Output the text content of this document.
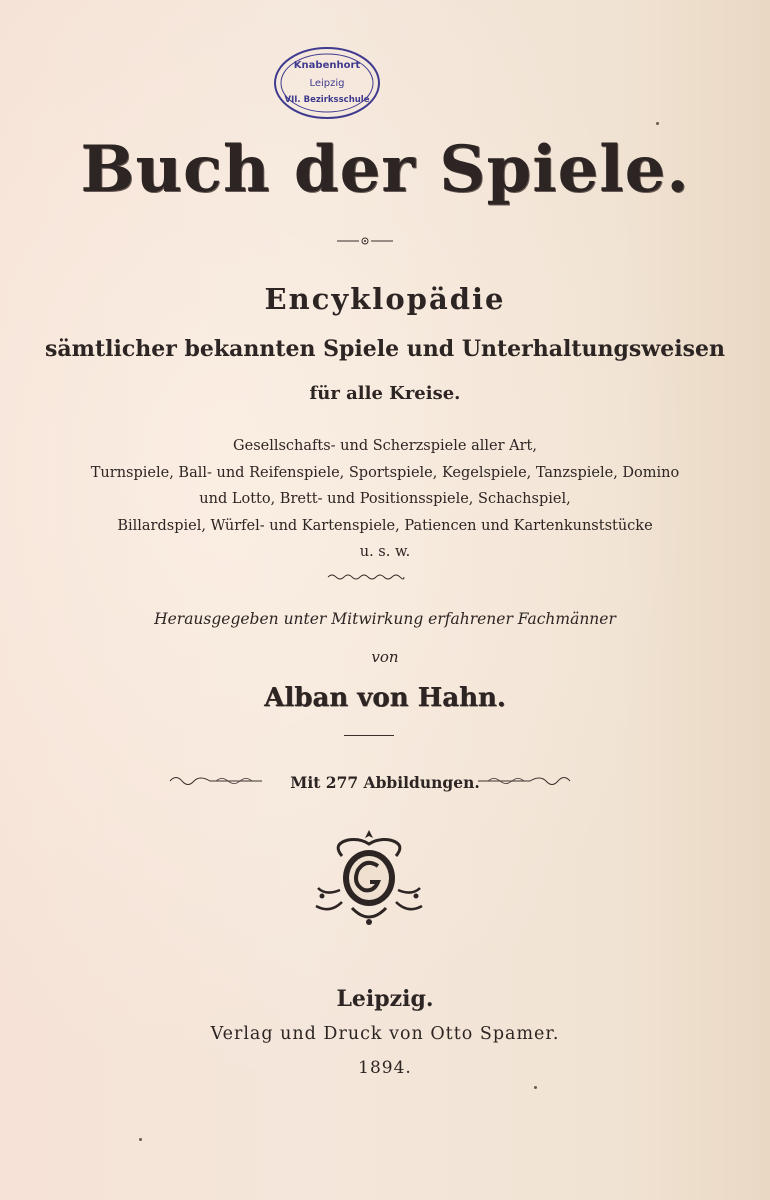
Knabenhort
Leipzig
VII. Bezirksschule
Buch der Spiele.
Encyklopädie
sämtlicher bekannten Spiele und Unterhaltungsweisen
für alle Kreise.
Gesellschafts- und Scherzspiele aller Art,
Turnspiele, Ball- und Reifenspiele, Sportspiele, Kegelspiele, Tanzspiele, Domino
und Lotto, Brett- und Positionsspiele, Schachspiel,
Billardspiel, Würfel- und Kartenspiele, Patiencen und Kartenkunststücke
u. s. w.
Herausgegeben unter Mitwirkung erfahrener Fachmänner
von
Alban von Hahn.
Mit 277 Abbildungen.
Leipzig.
Verlag und Druck von Otto Spamer.
1894.
